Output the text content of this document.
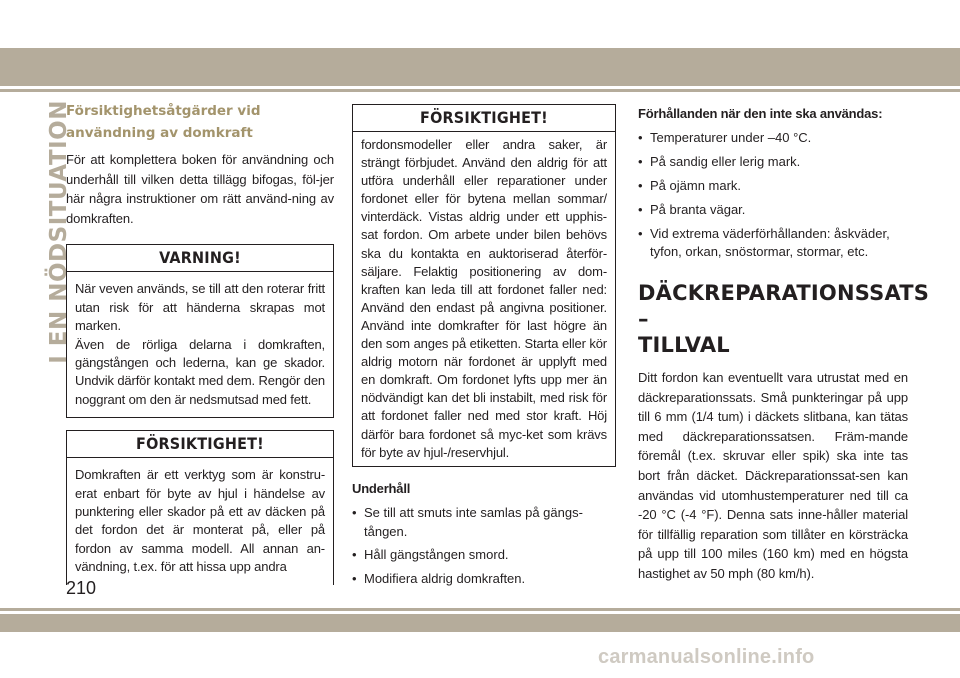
I EN NÖDSITUATION
Försiktighetsåtgärder vid användning av domkraft

För att komplettera boken för användning och underhåll till vilken detta tillägg bifogas, föl-jer här några instruktioner om rätt använd-ning av domkraften.

VARNING!
När veven används, se till att den roterar fritt utan risk för att händerna skrapas mot marken.
Även de rörliga delarna i domkraften, gängstången och lederna, kan ge skador. Undvik därför kontakt med dem. Rengör den noggrant om den är nedsmutsad med fett.
FÖRSIKTIGHET!
Domkraften är ett verktyg som är konstru-erat enbart för byte av hjul i händelse av punktering eller skador på ett av däcken på det fordon det är monterat på, eller på fordon av samma modell. All annan an-vändning, t.ex. för att hissa upp andra
FÖRSIKTIGHET!
fordonsmodeller eller andra saker, är strängt förbjudet. Använd den aldrig för att utföra underhåll eller reparationer under fordonet eller för bytena mellan sommar/ vinterdäck. Vistas aldrig under ett upphis-sat fordon. Om arbete under bilen behövs ska du kontakta en auktoriserad återför-säljare. Felaktig positionering av dom-kraften kan leda till att fordonet faller ned: Använd den endast på angivna positioner. Använd inte domkrafter för last högre än den som anges på etiketten. Starta eller kör aldrig motorn när fordonet är upplyft med en domkraft. Om fordonet lyfts upp mer än nödvändigt kan det bli instabilt, med risk för att fordonet faller ned med stor kraft. Höj därför bara fordonet så myc-ket som krävs för byte av hjul-/reservhjul.
Underhåll
• Se till att smuts inte samlas på gängs-tången.
• Håll gängstången smord.
• Modifiera aldrig domkraften.
Förhållanden när den inte ska användas:
• Temperaturer under –40 °C.
• På sandig eller lerig mark.
• På ojämn mark.
• På branta vägar.
• Vid extrema väderförhållanden: åskväder, tyfon, orkan, snöstormar, stormar, etc.
DÄCKREPARATIONSSATS –
TILLVAL

Ditt fordon kan eventuellt vara utrustat med en däckreparationssats. Små punkteringar på upp till 6 mm (1/4 tum) i däckets slitbana, kan tätas med däckreparationssatsen. Främ-mande föremål (t.ex. skruvar eller spik) ska inte tas bort från däcket. Däckreparationssat-sen kan användas vid utomhustemperaturer ned till ca -20 °C (-4 °F). Denna sats inne-håller material för tillfällig reparation som tillåter en körsträcka på upp till 100 miles (160 km) med en högsta hastighet av 50 mph (80 km/h).

210
carmanualsonline.info
